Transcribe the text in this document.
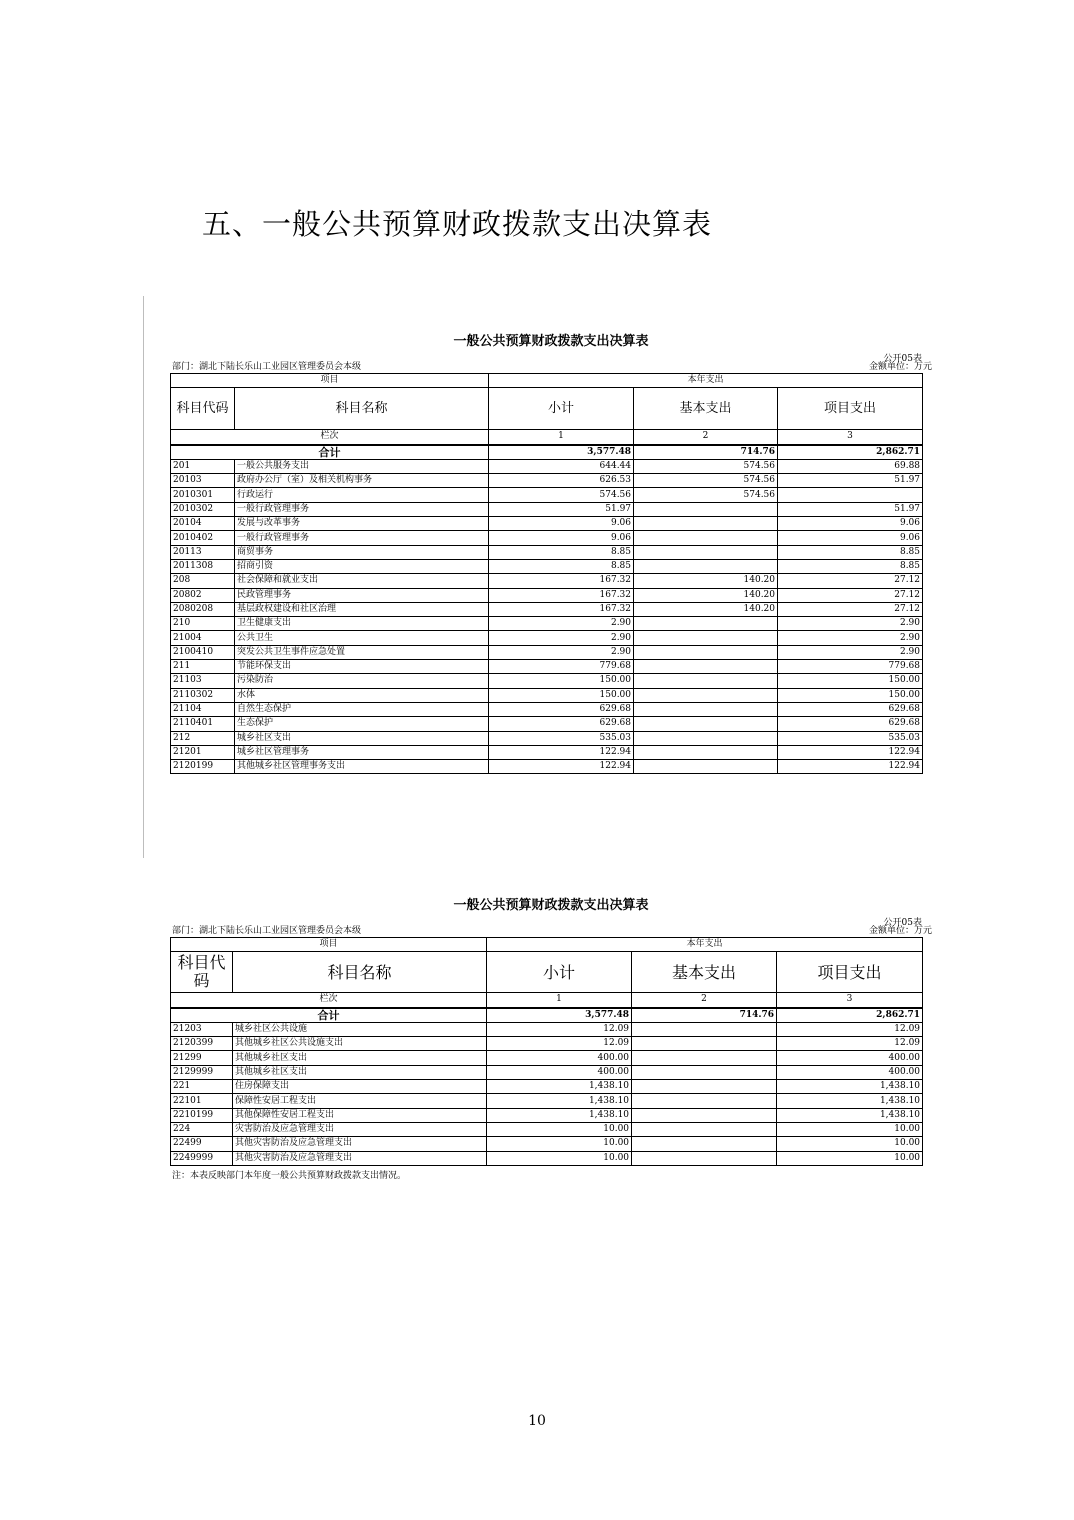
五、一般公共预算财政拨款支出决算表
一般公共预算财政拨款支出决算表
公开05表
部门：湖北下陆长乐山工业园区管理委员会本级	金额单位：万元
项目		本年支出		
科目代码	科目名称	小计	基本支出	项目支出
栏次		1	2	3
合计		3,577.48	714.76	2,862.71
201	一般公共服务支出	644.44	574.56	69.88
20103	政府办公厅（室）及相关机构事务	626.53	574.56	51.97
2010301	行政运行	574.56	574.56	
2010302	一般行政管理事务	51.97		51.97
20104	发展与改革事务	9.06		9.06
2010402	一般行政管理事务	9.06		9.06
20113	商贸事务	8.85		8.85
2011308	招商引资	8.85		8.85
208	社会保障和就业支出	167.32	140.20	27.12
20802	民政管理事务	167.32	140.20	27.12
2080208	基层政权建设和社区治理	167.32	140.20	27.12
210	卫生健康支出	2.90		2.90
21004	公共卫生	2.90		2.90
2100410	突发公共卫生事件应急处置	2.90		2.90
211	节能环保支出	779.68		779.68
21103	污染防治	150.00		150.00
2110302	水体	150.00		150.00
21104	自然生态保护	629.68		629.68
2110401	生态保护	629.68		629.68
212	城乡社区支出	535.03		535.03
21201	城乡社区管理事务	122.94		122.94
2120199	其他城乡社区管理事务支出	122.94		122.94
一般公共预算财政拨款支出决算表
公开05表
部门：湖北下陆长乐山工业园区管理委员会本级	金额单位：万元
项目		本年支出		
科目代码	科目名称	小计	基本支出	项目支出
栏次		1	2	3
合计		3,577.48	714.76	2,862.71
21203	城乡社区公共设施	12.09		12.09
2120399	其他城乡社区公共设施支出	12.09		12.09
21299	其他城乡社区支出	400.00		400.00
2129999	其他城乡社区支出	400.00		400.00
221	住房保障支出	1,438.10		1,438.10
22101	保障性安居工程支出	1,438.10		1,438.10
2210199	其他保障性安居工程支出	1,438.10		1,438.10
224	灾害防治及应急管理支出	10.00		10.00
22499	其他灾害防治及应急管理支出	10.00		10.00
2249999	其他灾害防治及应急管理支出	10.00		10.00
注：本表反映部门本年度一般公共预算财政拨款支出情况。
10
